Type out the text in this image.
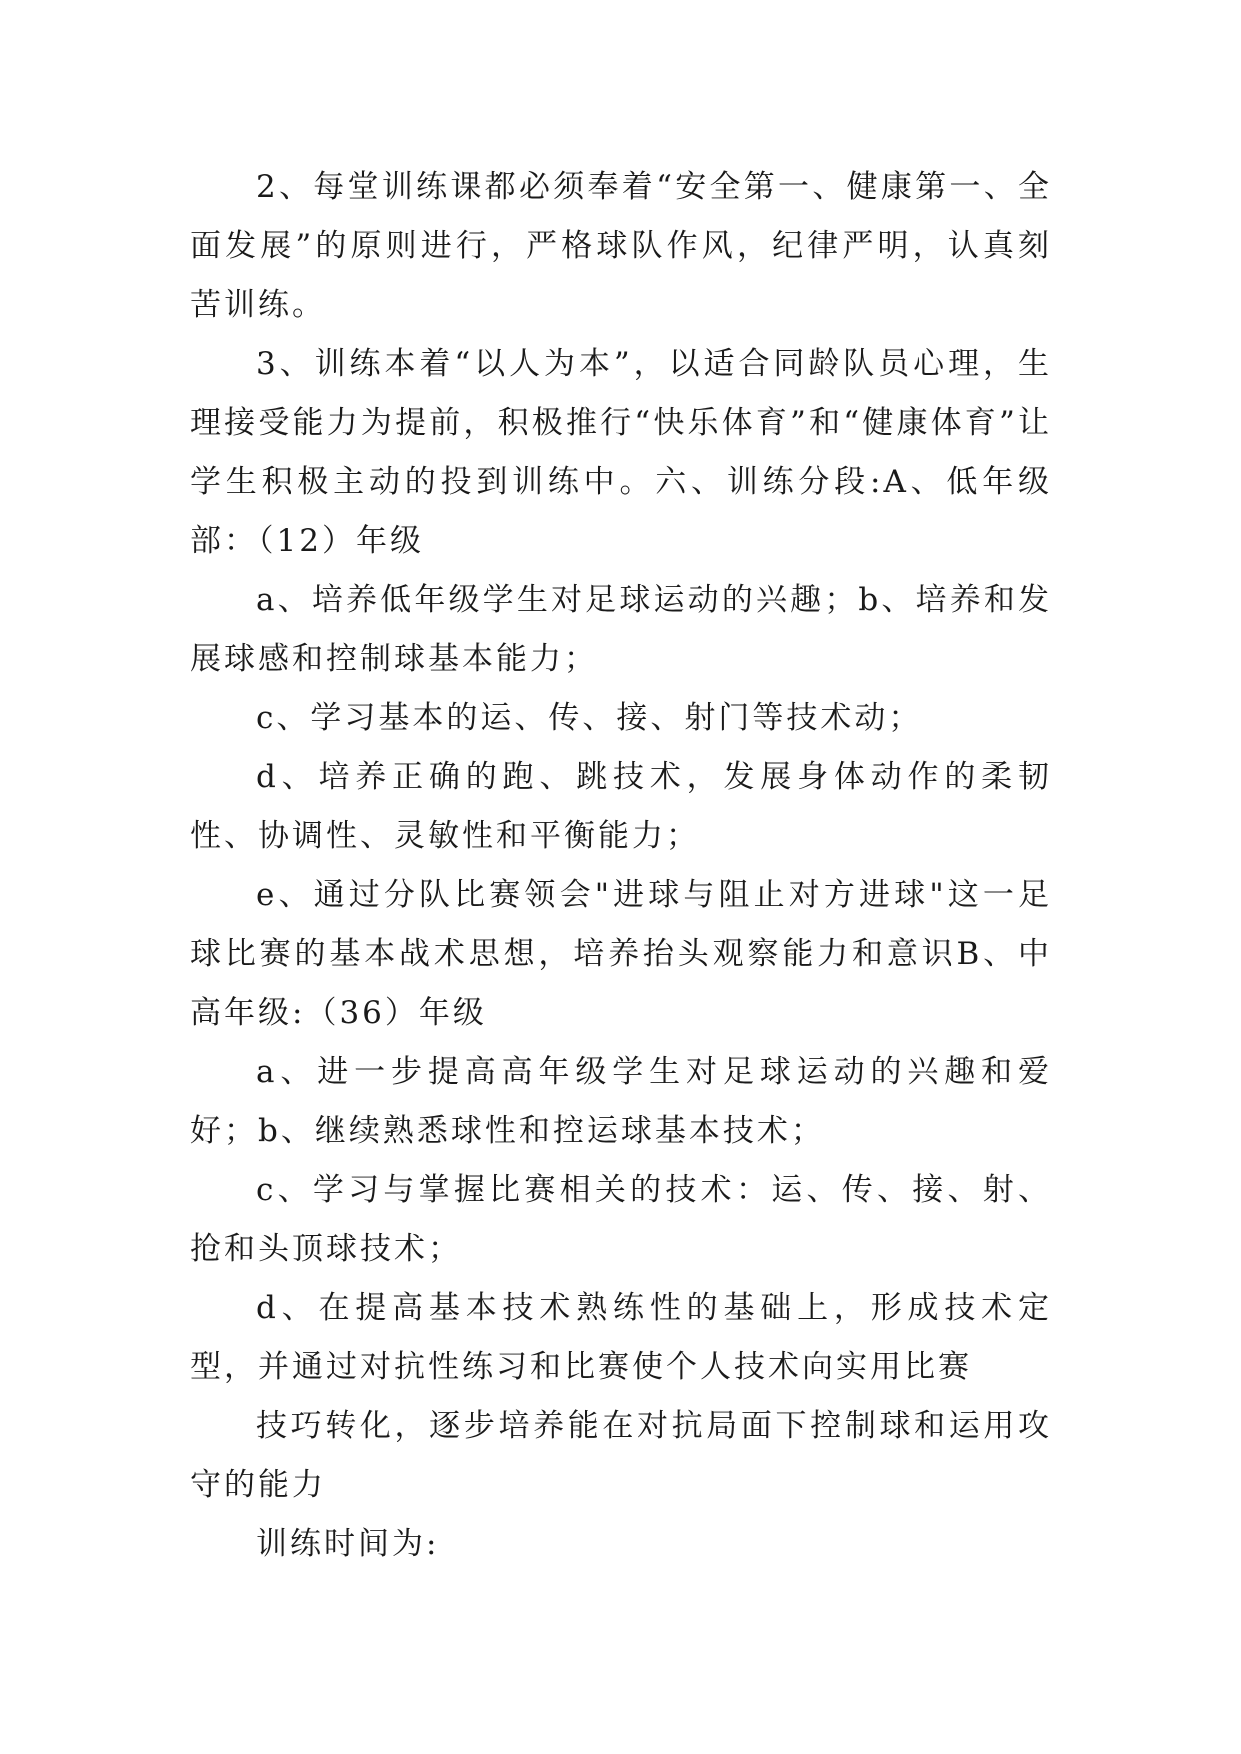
2、每堂训练课都必须奉着“安全第一、健康第一、全面发展”的原则进行，严格球队作风，纪律严明，认真刻苦训练。

3、训练本着“以人为本”，以适合同龄队员心理，生理接受能力为提前，积极推行“快乐体育”和“健康体育”让学生积极主动的投到训练中。六、训练分段:A、低年级部：（12）年级

a、培养低年级学生对足球运动的兴趣；b、培养和发展球感和控制球基本能力；

c、学习基本的运、传、接、射门等技术动；

d、培养正确的跑、跳技术，发展身体动作的柔韧性、协调性、灵敏性和平衡能力；

e、通过分队比赛领会"进球与阻止对方进球"这一足球比赛的基本战术思想，培养抬头观察能力和意识B、中高年级:（36）年级

a、进一步提高高年级学生对足球运动的兴趣和爱好；b、继续熟悉球性和控运球基本技术；

c、学习与掌握比赛相关的技术：运、传、接、射、抢和头顶球技术；

d、在提高基本技术熟练性的基础上，形成技术定型，并通过对抗性练习和比赛使个人技术向实用比赛

技巧转化，逐步培养能在对抗局面下控制球和运用攻守的能力

训练时间为:
